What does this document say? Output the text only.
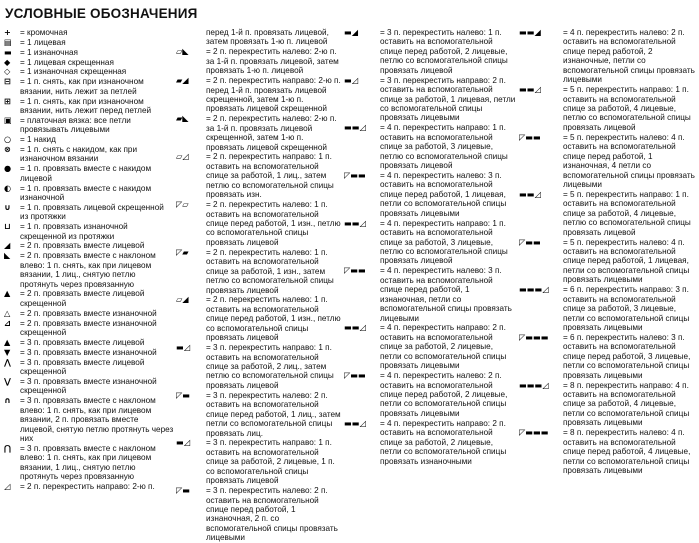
УСЛОВНЫЕ ОБОЗНАЧЕНИЯ
+	= кромочная
▤	= 1 лицевая
▬	= 1 изнаночная
◆	= 1 лицевая скрещенная
◇	= 1 изнаночная скрещенная
⊟	= 1 п. снять, как при изнаночном вязании, нить лежит за петлей
⊞	= 1 п. снять, как при изнаночном вязании, нить лежит перед петлей
▣	= платочная вязка: все петли провязывать лицевыми
○	= 1 накид
⊗	= 1 п. снять с накидом, как при изнаночном вязании
●	= 1 п. провязать вместе с накидом лицевой
◐	= 1 п. провязать вместе с накидом изнаночной
∪	= 1 п. провязать лицевой скрещенной из протяжки
⊔	= 1 п. провязать изнаночной скрещенной из протяжки
◢	= 2 п. провязать вместе лицевой
◣	= 2 п. провязать вместе с наклоном влево: 1 п. снять, как при лицевом вязании, 1 лиц., снятую петлю протянуть через провязанную
▲	= 2 п. провязать вместе лицевой скрещенной
△	= 2 п. провязать вместе изнаночной
⊿	= 2 п. провязать вместе изнаночной скрещенной
▲	= 3 п. провязать вместе лицевой
▼	= 3 п. провязать вместе изнаночной
⋀	= 3 п. провязать вместе лицевой скрещенной
⋁	= 3 п. провязать вместе изнаночной скрещенной
∩	= 3 п. провязать вместе с наклоном влево: 1 п. снять, как при лицевом вязании, 2 п. провязать вместе лицевой, снятую петлю протянуть через них
⋂	= 3 п. провязать вместе с наклоном влево: 1 п. снять, как при лицевом вязании, 1 лиц., снятую петлю протянуть через провязанную
◿	= 2 п. перекрестить направо: 2-ю п.
перед 1-й п. провязать лицевой, затем провязать 1-ю п. лицевой
▱◣	= 2 п. перекрестить налево: 2-ю п. за 1-й п. провязать лицевой, затем провязать 1-ю п. лицевой
▰◢	= 2 п. перекрестить направо: 2-ю п. перед 1-й п. провязать лицевой скрещенной, затем 1-ю п. провязать лицевой скрещенной
▰◣	= 2 п. перекрестить налево: 2-ю п. за 1-й п. провязать лицевой скрещенной, затем 1-ю п. провязать лицевой скрещенной
▱◿	= 2 п. перекрестить направо: 1 п. оставить на вспомогательной спице за работой, 1 лиц., затем петлю со вспомогательной спицы провязать изн.
◸▱	= 2 п. перекрестить налево: 1 п. оставить на вспомогательной спице перед работой, 1 изн., петлю со вспомогательной спицы провязать лицевой
◸▰	= 2 п. перекрестить налево: 1 п. оставить на вспомогательной спице за работой, 1 изн., затем петлю со вспомогательной спицы провязать лицевой
▱◢	= 2 п. перекрестить налево: 1 п. оставить на вспомогательной спице перед работой, 1 изн., петлю со вспомогательной спицы провязать лицевой
▬◿	= 3 п. перекрестить направо: 1 п. оставить на вспомогательной спице за работой, 2 лиц., затем петлю со вспомогательной спицы провязать лицевой
◸▬	= 3 п. перекрестить налево: 2 п. оставить на вспомогательной спице перед работой, 1 лиц., затем петли со вспомогательной спицы провязать лиц.
▬◿	= 3 п. перекрестить направо: 1 п. оставить на вспомогательной спице за работой, 2 лицевые, 1 п. со вспомогательной спицы провязать лицевой
◸▬	= 3 п. перекрестить налево: 2 п. оставить на вспомогательной спице перед работой, 1 изнаночная, 2 п. со вспомогательной спицы провязать лицевыми
▬◢	= 3 п. перекрестить налево: 1 п. оставить на вспомогательной спице перед работой, 2 лицевые, петлю со вспомогательной спицы провязать лицевой
▬◿	= 3 п. перекрестить направо: 2 п. оставить на вспомогательной спице за работой, 1 лицевая, петли со вспомогательной спицы провязать лицевыми
▬▬◿	= 4 п. перекрестить направо: 1 п. оставить на вспомогательной спице за работой, 3 лицевые, петлю со вспомогательной спицы провязать лицевой
◸▬▬	= 4 п. перекрестить налево: 3 п. оставить на вспомогательной спице перед работой, 1 лицевая, петли со вспомогательной спицы провязать лицевыми
▬▬◿	= 4 п. перекрестить направо: 1 п. оставить на вспомогательной спице за работой, 3 лицевые, петлю со вспомогательной спицы провязать лицевой
◸▬▬	= 4 п. перекрестить налево: 3 п. оставить на вспомогательной спице перед работой, 1 изнаночная, петли со вспомогательной спицы провязать лицевыми
▬▬◿	= 4 п. перекрестить направо: 2 п. оставить на вспомогательной спице за работой, 2 лицевые, петли со вспомогательной спицы провязать лицевыми
◸▬▬	= 4 п. перекрестить налево: 2 п. оставить на вспомогательной спице перед работой, 2 лицевые, петли со вспомогательной спицы провязать лицевыми
▬▬◿	= 4 п. перекрестить направо: 2 п. оставить на вспомогательной спице за работой, 2 лицевые, петли со вспомогательной спицы провязать изнаночными
▬▬◢	= 4 п. перекрестить налево: 2 п. оставить на вспомогательной спице перед работой, 2 изнаночные, петли со вспомогательной спицы провязать лицевыми
▬▬◿	= 5 п. перекрестить направо: 1 п. оставить на вспомогательной спице за работой, 4 лицевые, петлю со вспомогательной спицы провязать лицевой
◸▬▬	= 5 п. перекрестить налево: 4 п. оставить на вспомогательной спице перед работой, 1 изнаночная, 4 петли со вспомогательной спицы провязать лицевыми
▬▬◿	= 5 п. перекрестить направо: 1 п. оставить на вспомогательной спице за работой, 4 лицевые, петлю со вспомогательной спицы провязать лицевой
◸▬▬	= 5 п. перекрестить налево: 4 п. оставить на вспомогательной спице перед работой, 1 лицевая, петли со вспомогательной спицы провязать лицевыми
▬▬▬◿	= 6 п. перекрестить направо: 3 п. оставить на вспомогательной спице за работой, 3 лицевые, петли со вспомогательной спицы провязать лицевыми
◸▬▬▬	= 6 п. перекрестить налево: 3 п. оставить на вспомогательной спице перед работой, 3 лицевые, петли со вспомогательной спицы провязать лицевыми
▬▬▬◿	= 8 п. перекрестить направо: 4 п. оставить на вспомогательной спице за работой, 4 лицевые, петли со вспомогательной спицы провязать лицевыми
◸▬▬▬	= 8 п. перекрестить налево: 4 п. оставить на вспомогательной спице перед работой, 4 лицевые, петли со вспомогательной спицы провязать лицевыми
